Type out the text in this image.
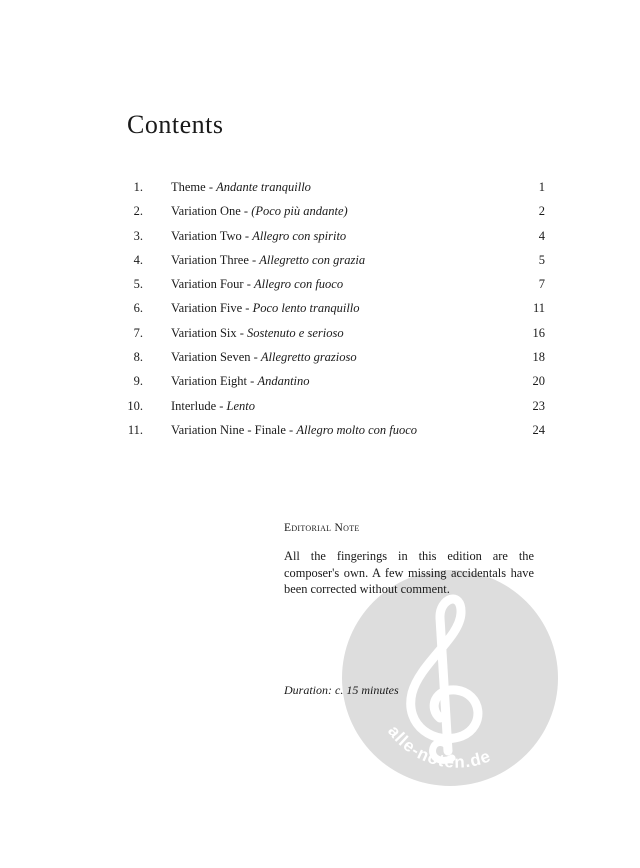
alle-noten.de
Contents
1. Theme - Andante tranquillo	1
2. Variation One - (Poco più andante)	2
3. Variation Two - Allegro con spirito	4
4. Variation Three - Allegretto con grazia	5
5. Variation Four - Allegro con fuoco	7
6. Variation Five - Poco lento tranquillo	11
7. Variation Six - Sostenuto e serioso	16
8. Variation Seven - Allegretto grazioso	18
9. Variation Eight - Andantino	20
10. Interlude - Lento	23
11. Variation Nine - Finale - Allegro molto con fuoco	24
Editorial Note

All the fingerings in this edition are the composer's own. A few missing accidentals have been corrected without comment.

Duration: c. 15 minutes
